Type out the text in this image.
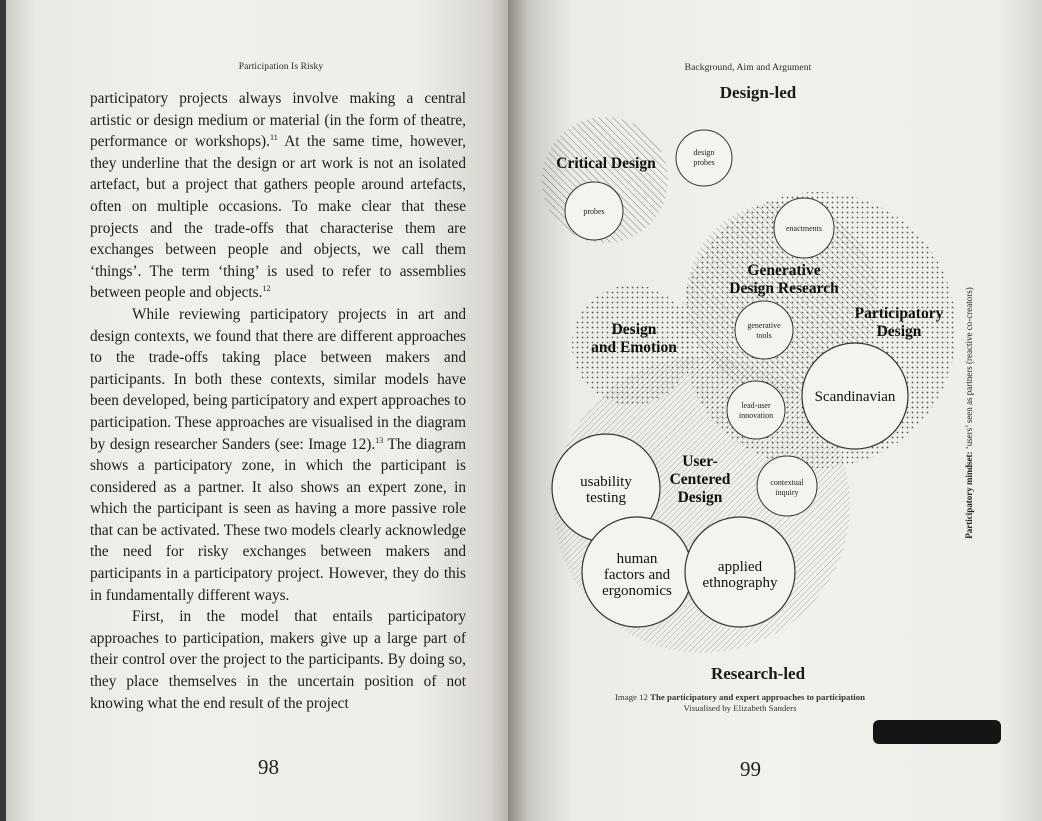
Participation Is Risky

participatory projects always involve making a central artistic or design medium or material (in the form of theatre, performance or workshops).$^{11}$ At the same time, however, they underline that the design or art work is not an isolated artefact, but a project that gathers people around artefacts, often on multiple occasions. To make clear that these projects and the trade-offs that characterise them are exchanges between people and objects, we call them ‘things’. The term ‘thing’ is used to refer to assemblies between people and objects.$^{12}$

While reviewing participatory projects in art and design contexts, we found that there are different approaches to the trade-offs taking place between makers and participants. In both these contexts, similar models have been developed, being participatory and expert approaches to participation. These approaches are visualised in the diagram by design researcher Sanders (see: Image 12).$^{13}$ The diagram shows a participatory zone, in which the participant is considered as a partner. It also shows an expert zone, in which the participant is seen as having a more passive role that can be activated. These two models clearly acknowledge the need for risky exchanges between makers and participants in a participatory project. However, they do this in fundamentally different ways.

First, in the model that entails participatory approaches to participation, makers give up a large part of their control over the project to the participants. By doing so, they place themselves in the uncertain position of not knowing what the end result of the project

98
Background, Aim and Argument
Design-led
Research-led
99
Critical Design
Generative
Design Research
Participatory
Design
Design
and Emotion
User-
Centered
Design
design
probes
probes
enactments
generative
tools
Scandinavian
lead-user
innovation
usability
testing
contextual
inquiry
human
factors and
ergonomics
applied
ethnography
Image 12 The participatory and expert approaches to participation
Visualised by Elizabeth Sanders
Participatory mindset: ‘users’ seen as partners (reactive co-creators)
